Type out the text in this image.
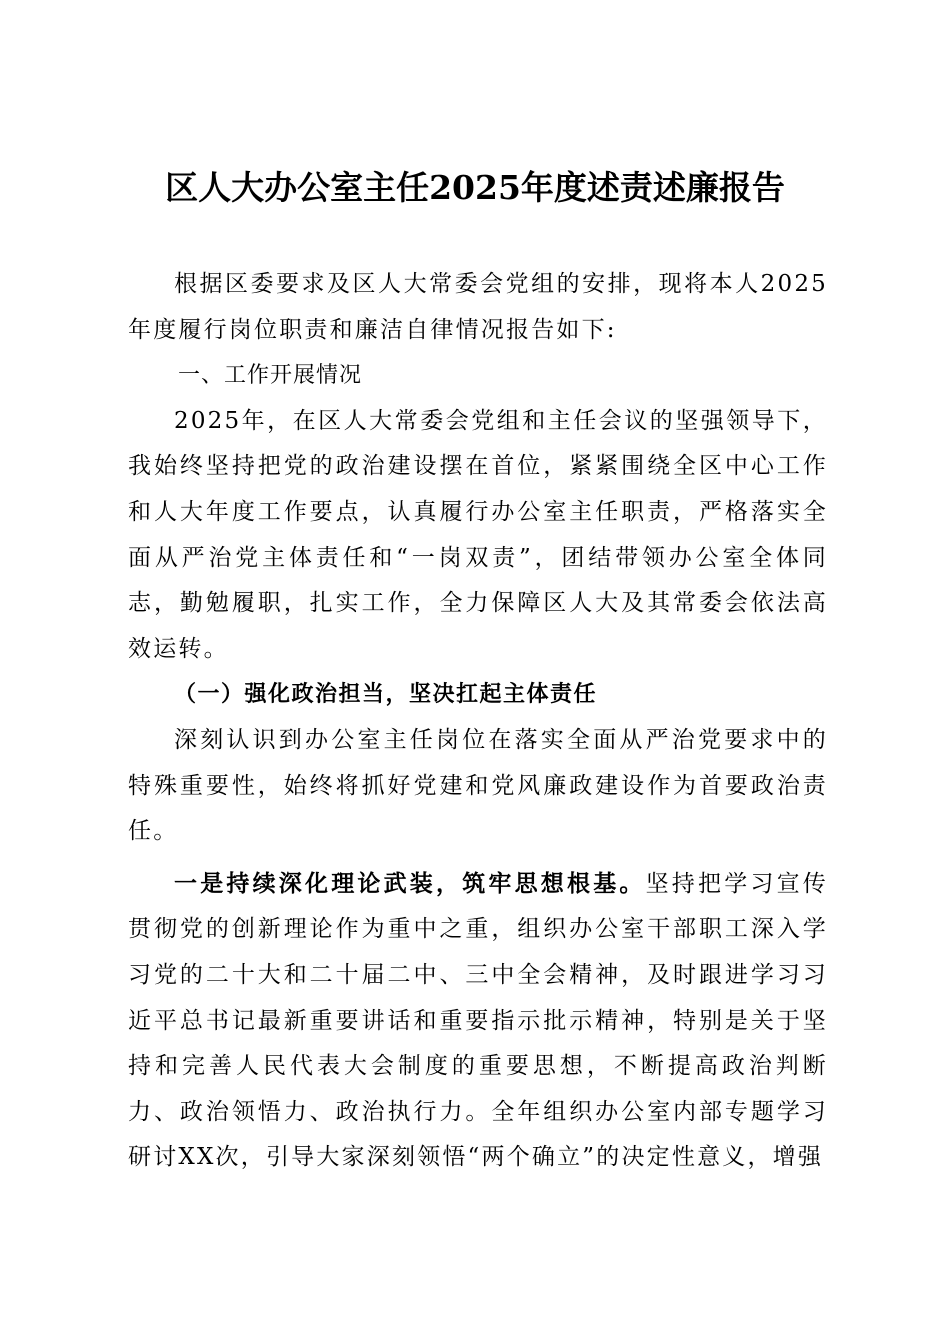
区人大办公室主任2025年度述责述廉报告

根据区委要求及区人大常委会党组的安排，现将本人2025年度履行岗位职责和廉洁自律情况报告如下:

一、工作开展情况

2025年，在区人大常委会党组和主任会议的坚强领导下，我始终坚持把党的政治建设摆在首位，紧紧围绕全区中心工作和人大年度工作要点，认真履行办公室主任职责，严格落实全面从严治党主体责任和“一岗双责”，团结带领办公室全体同志，勤勉履职，扎实工作，全力保障区人大及其常委会依法高效运转。

（一）强化政治担当，坚决扛起主体责任

深刻认识到办公室主任岗位在落实全面从严治党要求中的特殊重要性，始终将抓好党建和党风廉政建设作为首要政治责任。

一是持续深化理论武装，筑牢思想根基。坚持把学习宣传贯彻党的创新理论作为重中之重，组织办公室干部职工深入学习党的二十大和二十届二中、三中全会精神，及时跟进学习习近平总书记最新重要讲话和重要指示批示精神，特别是关于坚持和完善人民代表大会制度的重要思想，不断提高政治判断力、政治领悟力、政治执行力。全年组织办公室内部专题学习研讨XX次，引导大家深刻领悟“两个确立”的决定性意义，增强
